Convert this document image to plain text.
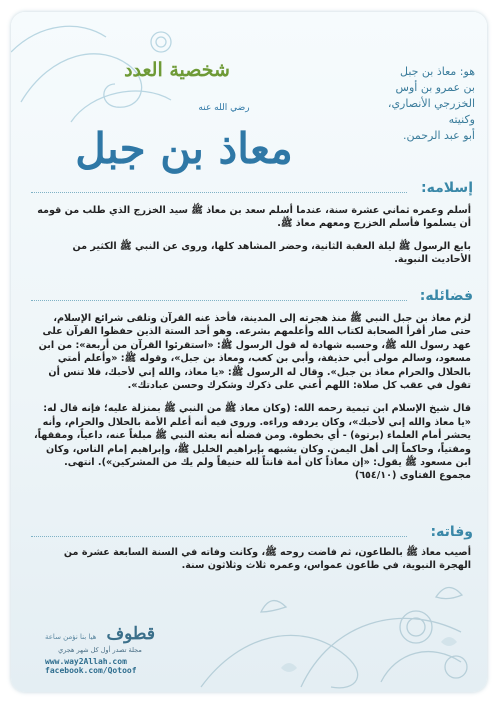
شخصية العدد
رضي الله عنه
معاذ بن جبل
هو: معاذ بن جبل
بن عمرو بن أوس
الخزرجي الأنصاري،
وكنيته
أبو عبد الرحمن.
إسلامه:
أسلم وعمره ثماني عشرة سنة، عندما أسلم سعد بن معاذ ﷺ سيد الخزرج الذي طلب من قومه أن يسلموا فأسلم الخزرج ومعهم معاذ ﷺ.
بايع الرسول ﷺ ليلة العقبة الثانية، وحضر المشاهد كلها، وروى عن النبي ﷺ الكثير من الأحاديث النبوية.
فضائله:
لزم معاذ بن جبل النبي ﷺ منذ هجرته إلى المدينة، فأخذ عنه القرآن وتلقى شرائع الإسلام، حتى صار أقرأ الصحابة لكتاب الله وأعلمهم بشرعه. وهو أحد الستة الذين حفظوا القرآن على عهد رسول الله ﷺ، وحسبه شهادة له قول الرسول ﷺ: «استقرئوا القرآن من أربعة»: من ابن مسعود، وسالم مولى أبي حذيفة، وأبي بن كعب، ومعاذ بن جبل»، وقوله ﷺ: «وأعلم أمتي بالحلال والحرام معاذ بن جبل». وقال له الرسول ﷺ: «يا معاذ، والله إني لأحبك، فلا تنس أن تقول في عقب كل صلاة: اللهم أعني على ذكرك وشكرك وحسن عبادتك».
قال شيخ الإسلام ابن تيمية رحمه الله: (وكان معاذ ﷺ من النبي ﷺ بمنزلة عليه؛ فإنه قال له: «يا معاذ والله إني لأحبك»، وكان يردفه وراءه. وروى فيه أنه أعلم الأمة بالحلال والحرام، وأنه يحشر أمام العلماء (برتوة) - أي بخطوة. ومن فضله أنه بعثه النبي ﷺ مبلغاً عنه، داعياً، ومفقهاً، ومفتياً، وحاكماً إلى أهل اليمن. وكان يشبهه بإبراهيم الخليل ﷺ، وإبراهيم إمام الناس، وكان ابن مسعود ﷺ يقول: «إن معاذاً كان أمة قانتاً لله حنيفاً ولم يك من المشركين»). انتهى. مجموع الفتاوى (٦٥٤/١٠)
وفاته:
أصيب معاذ ﷺ بالطاعون، ثم فاضت روحه ﷺ، وكانت وفاته في السنة السابعة عشرة من الهجرة النبوية، في طاعون عمواس، وعمره ثلاث وثلاثون سنة.
قطوف
هيا بنا نؤمن ساعة
مجلة تصدر أول كل شهر هجري
www.way2Allah.com
facebook.com/Qotoof
